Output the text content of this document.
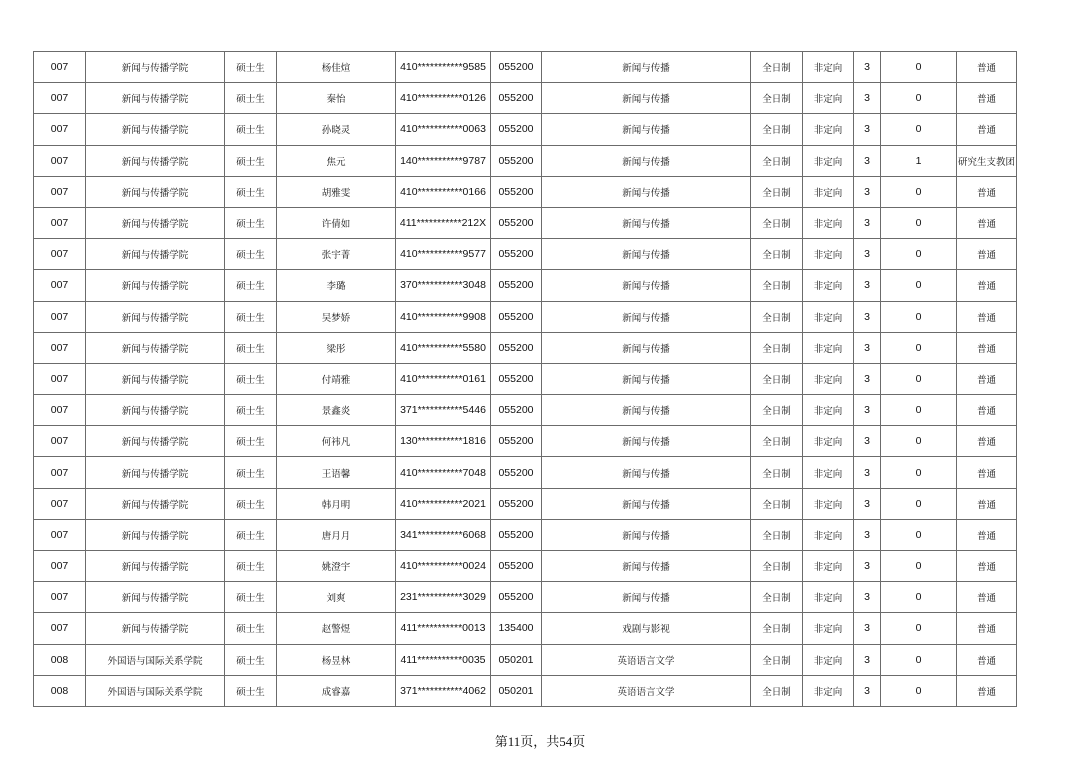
007	新闻与传播学院	硕士生	杨佳煊	410***********9585	055200	新闻与传播	全日制	非定向	3	0	普通
007	新闻与传播学院	硕士生	秦怡	410***********0126	055200	新闻与传播	全日制	非定向	3	0	普通
007	新闻与传播学院	硕士生	孙晓灵	410***********0063	055200	新闻与传播	全日制	非定向	3	0	普通
007	新闻与传播学院	硕士生	焦元	140***********9787	055200	新闻与传播	全日制	非定向	3	1	研究生支教团
007	新闻与传播学院	硕士生	胡雅雯	410***********0166	055200	新闻与传播	全日制	非定向	3	0	普通
007	新闻与传播学院	硕士生	许倩如	411***********212X	055200	新闻与传播	全日制	非定向	3	0	普通
007	新闻与传播学院	硕士生	张宇菁	410***********9577	055200	新闻与传播	全日制	非定向	3	0	普通
007	新闻与传播学院	硕士生	李璐	370***********3048	055200	新闻与传播	全日制	非定向	3	0	普通
007	新闻与传播学院	硕士生	吴梦娇	410***********9908	055200	新闻与传播	全日制	非定向	3	0	普通
007	新闻与传播学院	硕士生	梁彤	410***********5580	055200	新闻与传播	全日制	非定向	3	0	普通
007	新闻与传播学院	硕士生	付靖雅	410***********0161	055200	新闻与传播	全日制	非定向	3	0	普通
007	新闻与传播学院	硕士生	景鑫炎	371***********5446	055200	新闻与传播	全日制	非定向	3	0	普通
007	新闻与传播学院	硕士生	何祎凡	130***********1816	055200	新闻与传播	全日制	非定向	3	0	普通
007	新闻与传播学院	硕士生	王语馨	410***********7048	055200	新闻与传播	全日制	非定向	3	0	普通
007	新闻与传播学院	硕士生	韩月明	410***********2021	055200	新闻与传播	全日制	非定向	3	0	普通
007	新闻与传播学院	硕士生	唐月月	341***********6068	055200	新闻与传播	全日制	非定向	3	0	普通
007	新闻与传播学院	硕士生	姚澄宇	410***********0024	055200	新闻与传播	全日制	非定向	3	0	普通
007	新闻与传播学院	硕士生	刘爽	231***********3029	055200	新闻与传播	全日制	非定向	3	0	普通
007	新闻与传播学院	硕士生	赵警煜	411***********0013	135400	戏剧与影视	全日制	非定向	3	0	普通
008	外国语与国际关系学院	硕士生	杨昱林	411***********0035	050201	英语语言文学	全日制	非定向	3	0	普通
008	外国语与国际关系学院	硕士生	成睿嘉	371***********4062	050201	英语语言文学	全日制	非定向	3	0	普通
第11页，共54页
